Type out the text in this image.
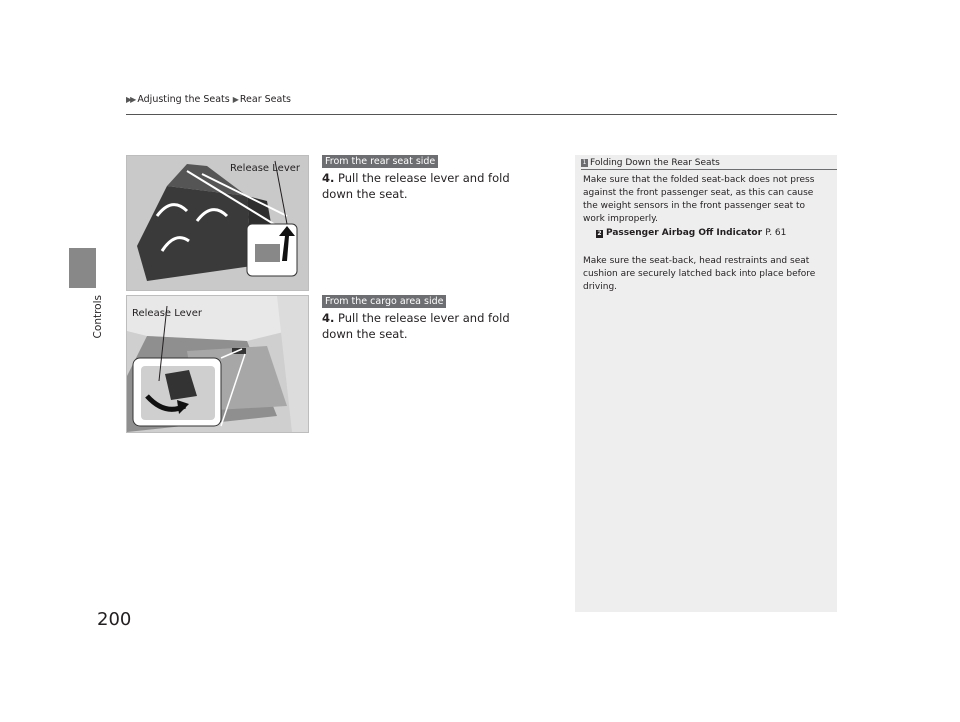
▶▶ Adjusting the Seats ▶ Rear Seats
Controls
200
Release Lever
Release Lever
From the rear seat side
4. Pull the release lever and fold down the seat.
From the cargo area side
4. Pull the release lever and fold down the seat.
1 Folding Down the Rear Seats
Make sure that the folded seat-back does not press against the front passenger seat, as this can cause the weight sensors in the front passenger seat to work improperly.
2 Passenger Airbag Off Indicator P. 61
Make sure the seat-back, head restraints and seat cushion are securely latched back into place before driving.
